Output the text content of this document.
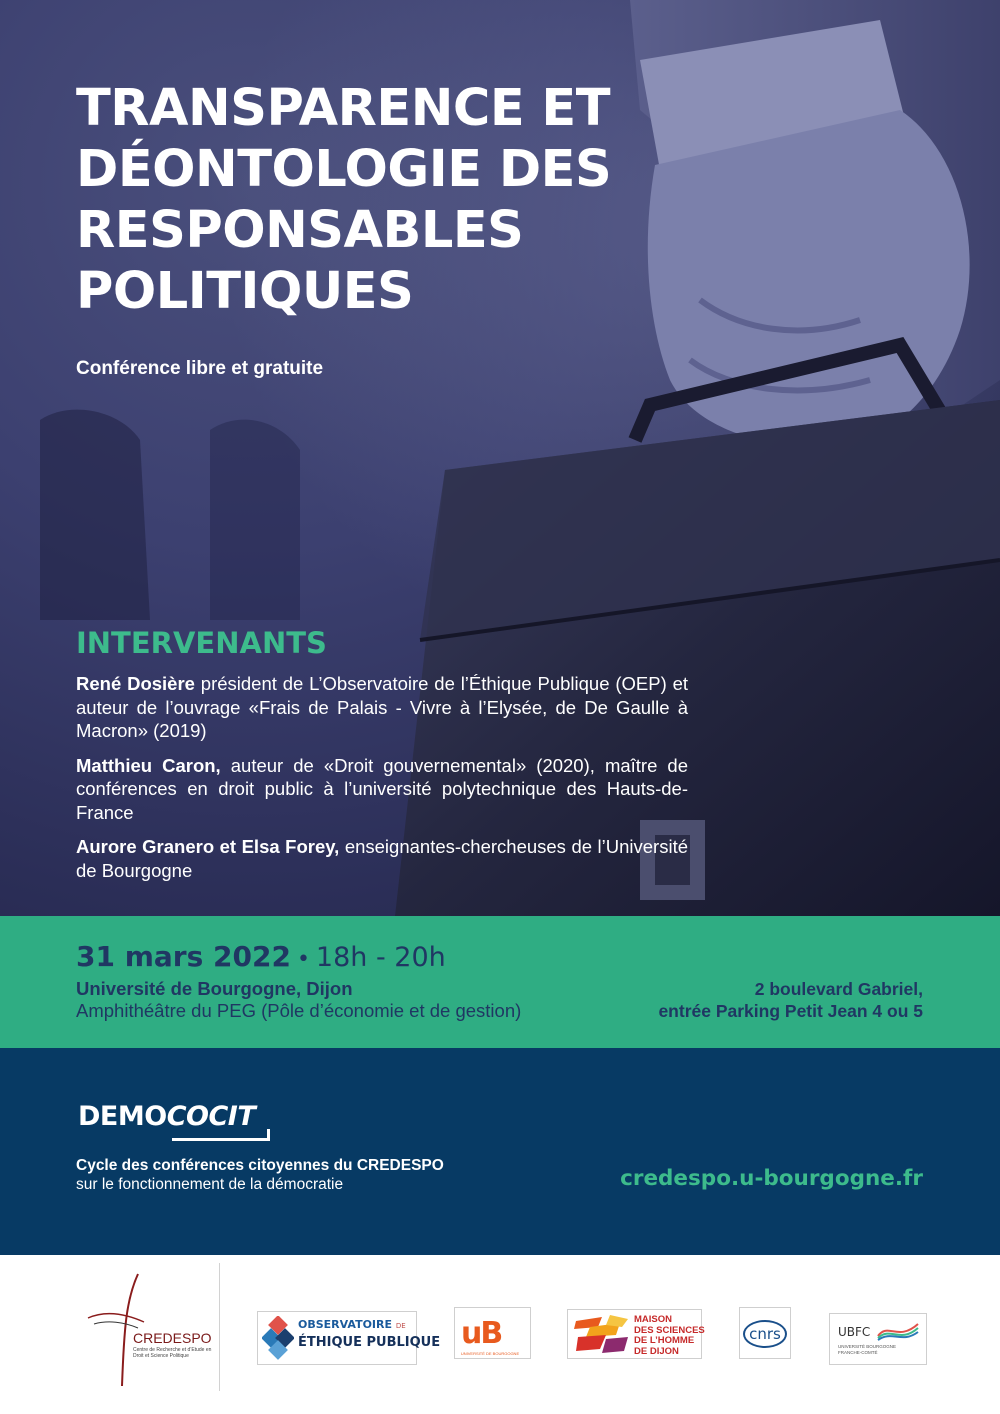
TRANSPARENCE ET
DÉONTOLOGIE DES
RESPONSABLES
POLITIQUES

Conférence libre et gratuite

INTERVENANTS

René Dosière président de L’Observatoire de l’Éthique Publique (OEP) et auteur de l’ouvrage «Frais de Palais - Vivre à l’Elysée, de De Gaulle à Macron» (2019)

Matthieu Caron, auteur de «Droit gouvernemental» (2020), maître de conférences en droit public à l’université polytechnique des Hauts-de-France

Aurore Granero et Elsa Forey, enseignantes-chercheuses de l’Université de Bourgogne

31 mars 2022 • 18h - 20h
Université de Bourgogne, Dijon
Amphithéâtre du PEG (Pôle d’économie et de gestion)
2 boulevard Gabriel,
entrée Parking Petit Jean 4 ou 5
DEMOCOCIT
Cycle des conférences citoyennes du CREDESPO
sur le fonctionnement de la démocratie	credespo.u-bourgogne.fr
CREDESPO
Centre de Recherche et d’Etude en Droit et Science Politique
OBSERVATOIRE DE
ÉTHIQUE PUBLIQUE uB
UNIVERSITÉ DE BOURGOGNE
MAISON
DES SCIENCES
DE L’HOMME
DE DIJON
cnrs	UBFC
UNIVERSITÉ BOURGOGNE FRANCHE-COMTÉ
